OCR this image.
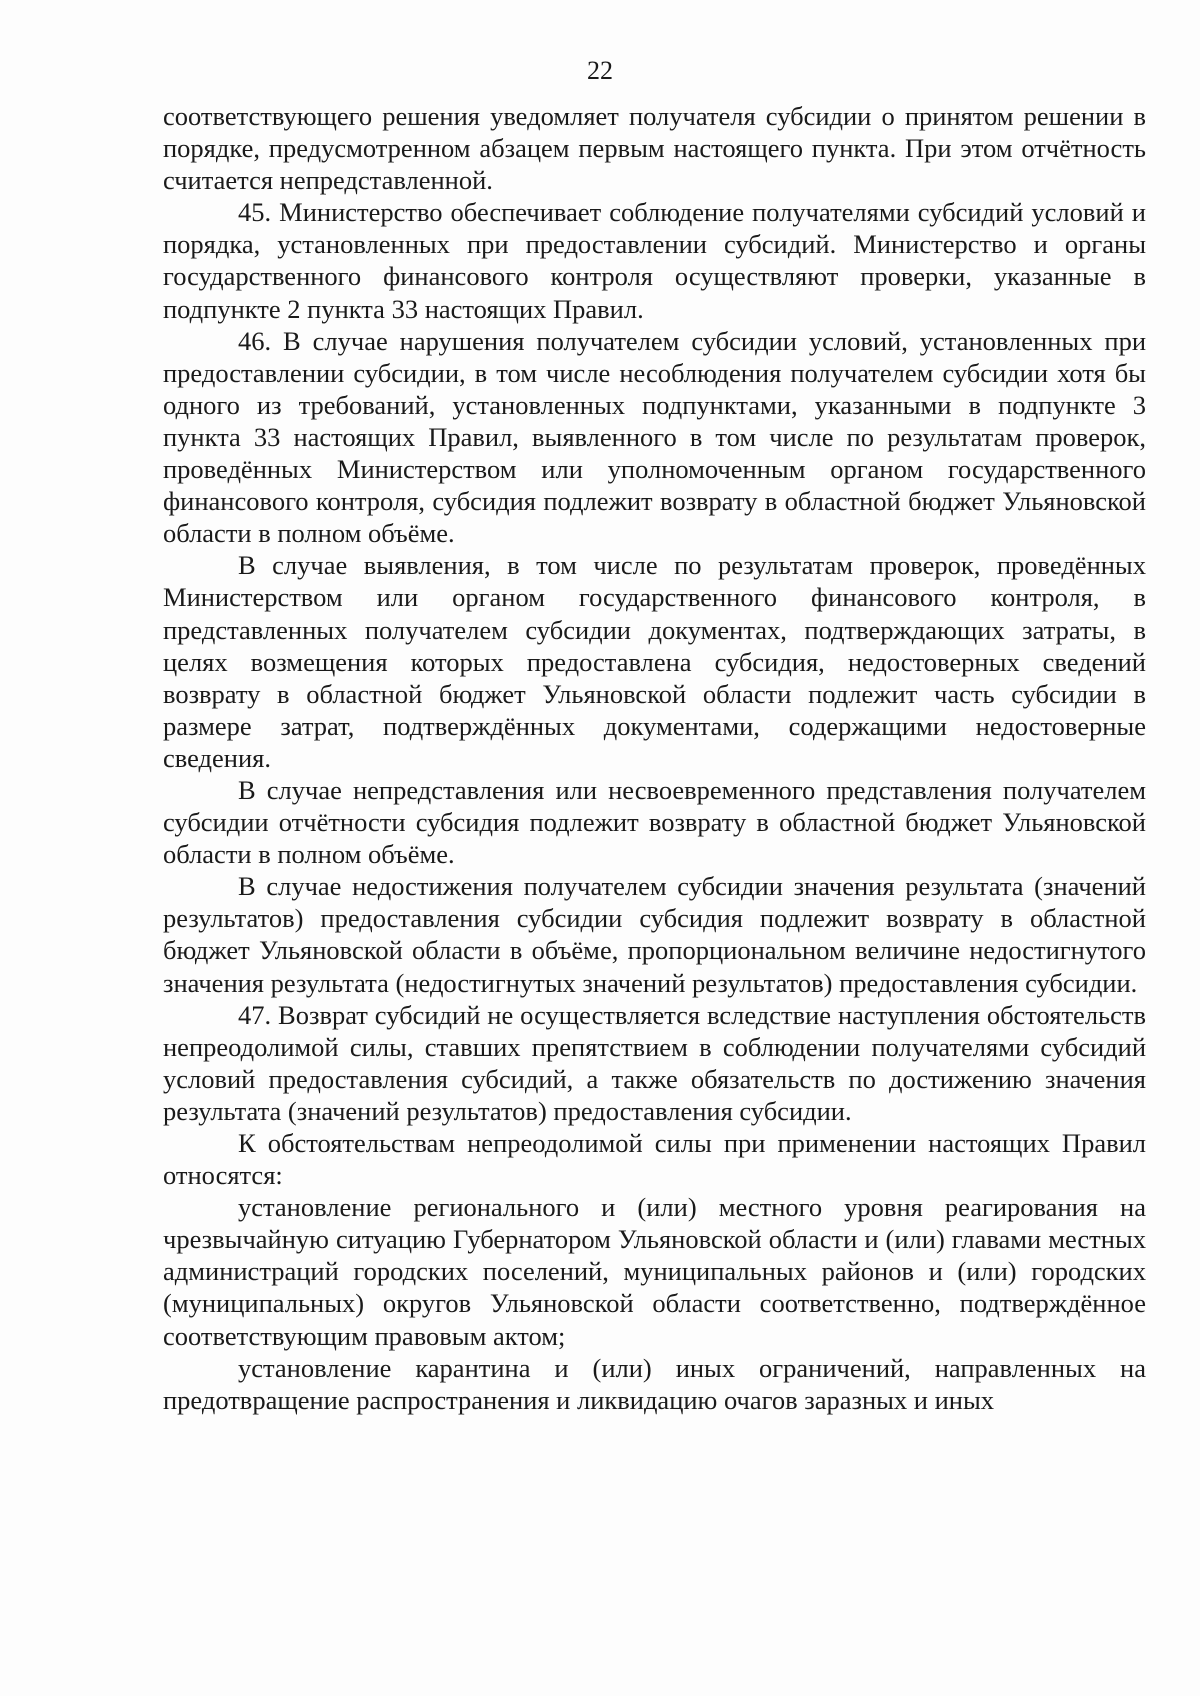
22

соответствующего решения уведомляет получателя субсидии о принятом решении в порядке, предусмотренном абзацем первым настоящего пункта. При этом отчётность считается непредставленной.

45. Министерство обеспечивает соблюдение получателями субсидий условий и порядка, установленных при предоставлении субсидий. Министерство и органы государственного финансового контроля осуществляют проверки, указанные в подпункте 2 пункта 33 настоящих Правил.

46. В случае нарушения получателем субсидии условий, установленных при предоставлении субсидии, в том числе несоблюдения получателем субсидии хотя бы одного из требований, установленных подпунктами, указанными в подпункте 3 пункта 33 настоящих Правил, выявленного в том числе по результатам проверок, проведённых Министерством или уполномоченным органом государственного финансового контроля, субсидия подлежит возврату в областной бюджет Ульяновской области в полном объёме.

В случае выявления, в том числе по результатам проверок, проведённых Министерством или органом государственного финансового контроля, в представленных получателем субсидии документах, подтверждающих затраты, в целях возмещения которых предоставлена субсидия, недостоверных сведений возврату в областной бюджет Ульяновской области подлежит часть субсидии в размере затрат, подтверждённых документами, содержащими недостоверные сведения.

В случае непредставления или несвоевременного представления получателем субсидии отчётности субсидия подлежит возврату в областной бюджет Ульяновской области в полном объёме.

В случае недостижения получателем субсидии значения результата (значений результатов) предоставления субсидии субсидия подлежит возврату в областной бюджет Ульяновской области в объёме, пропорциональном величине недостигнутого значения результата (недостигнутых значений результатов) предоставления субсидии.

47. Возврат субсидий не осуществляется вследствие наступления обстоятельств непреодолимой силы, ставших препятствием в соблюдении получателями субсидий условий предоставления субсидий, а также обязательств по достижению значения результата (значений результатов) предоставления субсидии.

К обстоятельствам непреодолимой силы при применении настоящих Правил относятся:

установление регионального и (или) местного уровня реагирования на чрезвычайную ситуацию Губернатором Ульяновской области и (или) главами местных администраций городских поселений, муниципальных районов и (или) городских (муниципальных) округов Ульяновской области соответственно, подтверждённое соответствующим правовым актом;

установление карантина и (или) иных ограничений, направленных на предотвращение распространения и ликвидацию очагов заразных и иных
